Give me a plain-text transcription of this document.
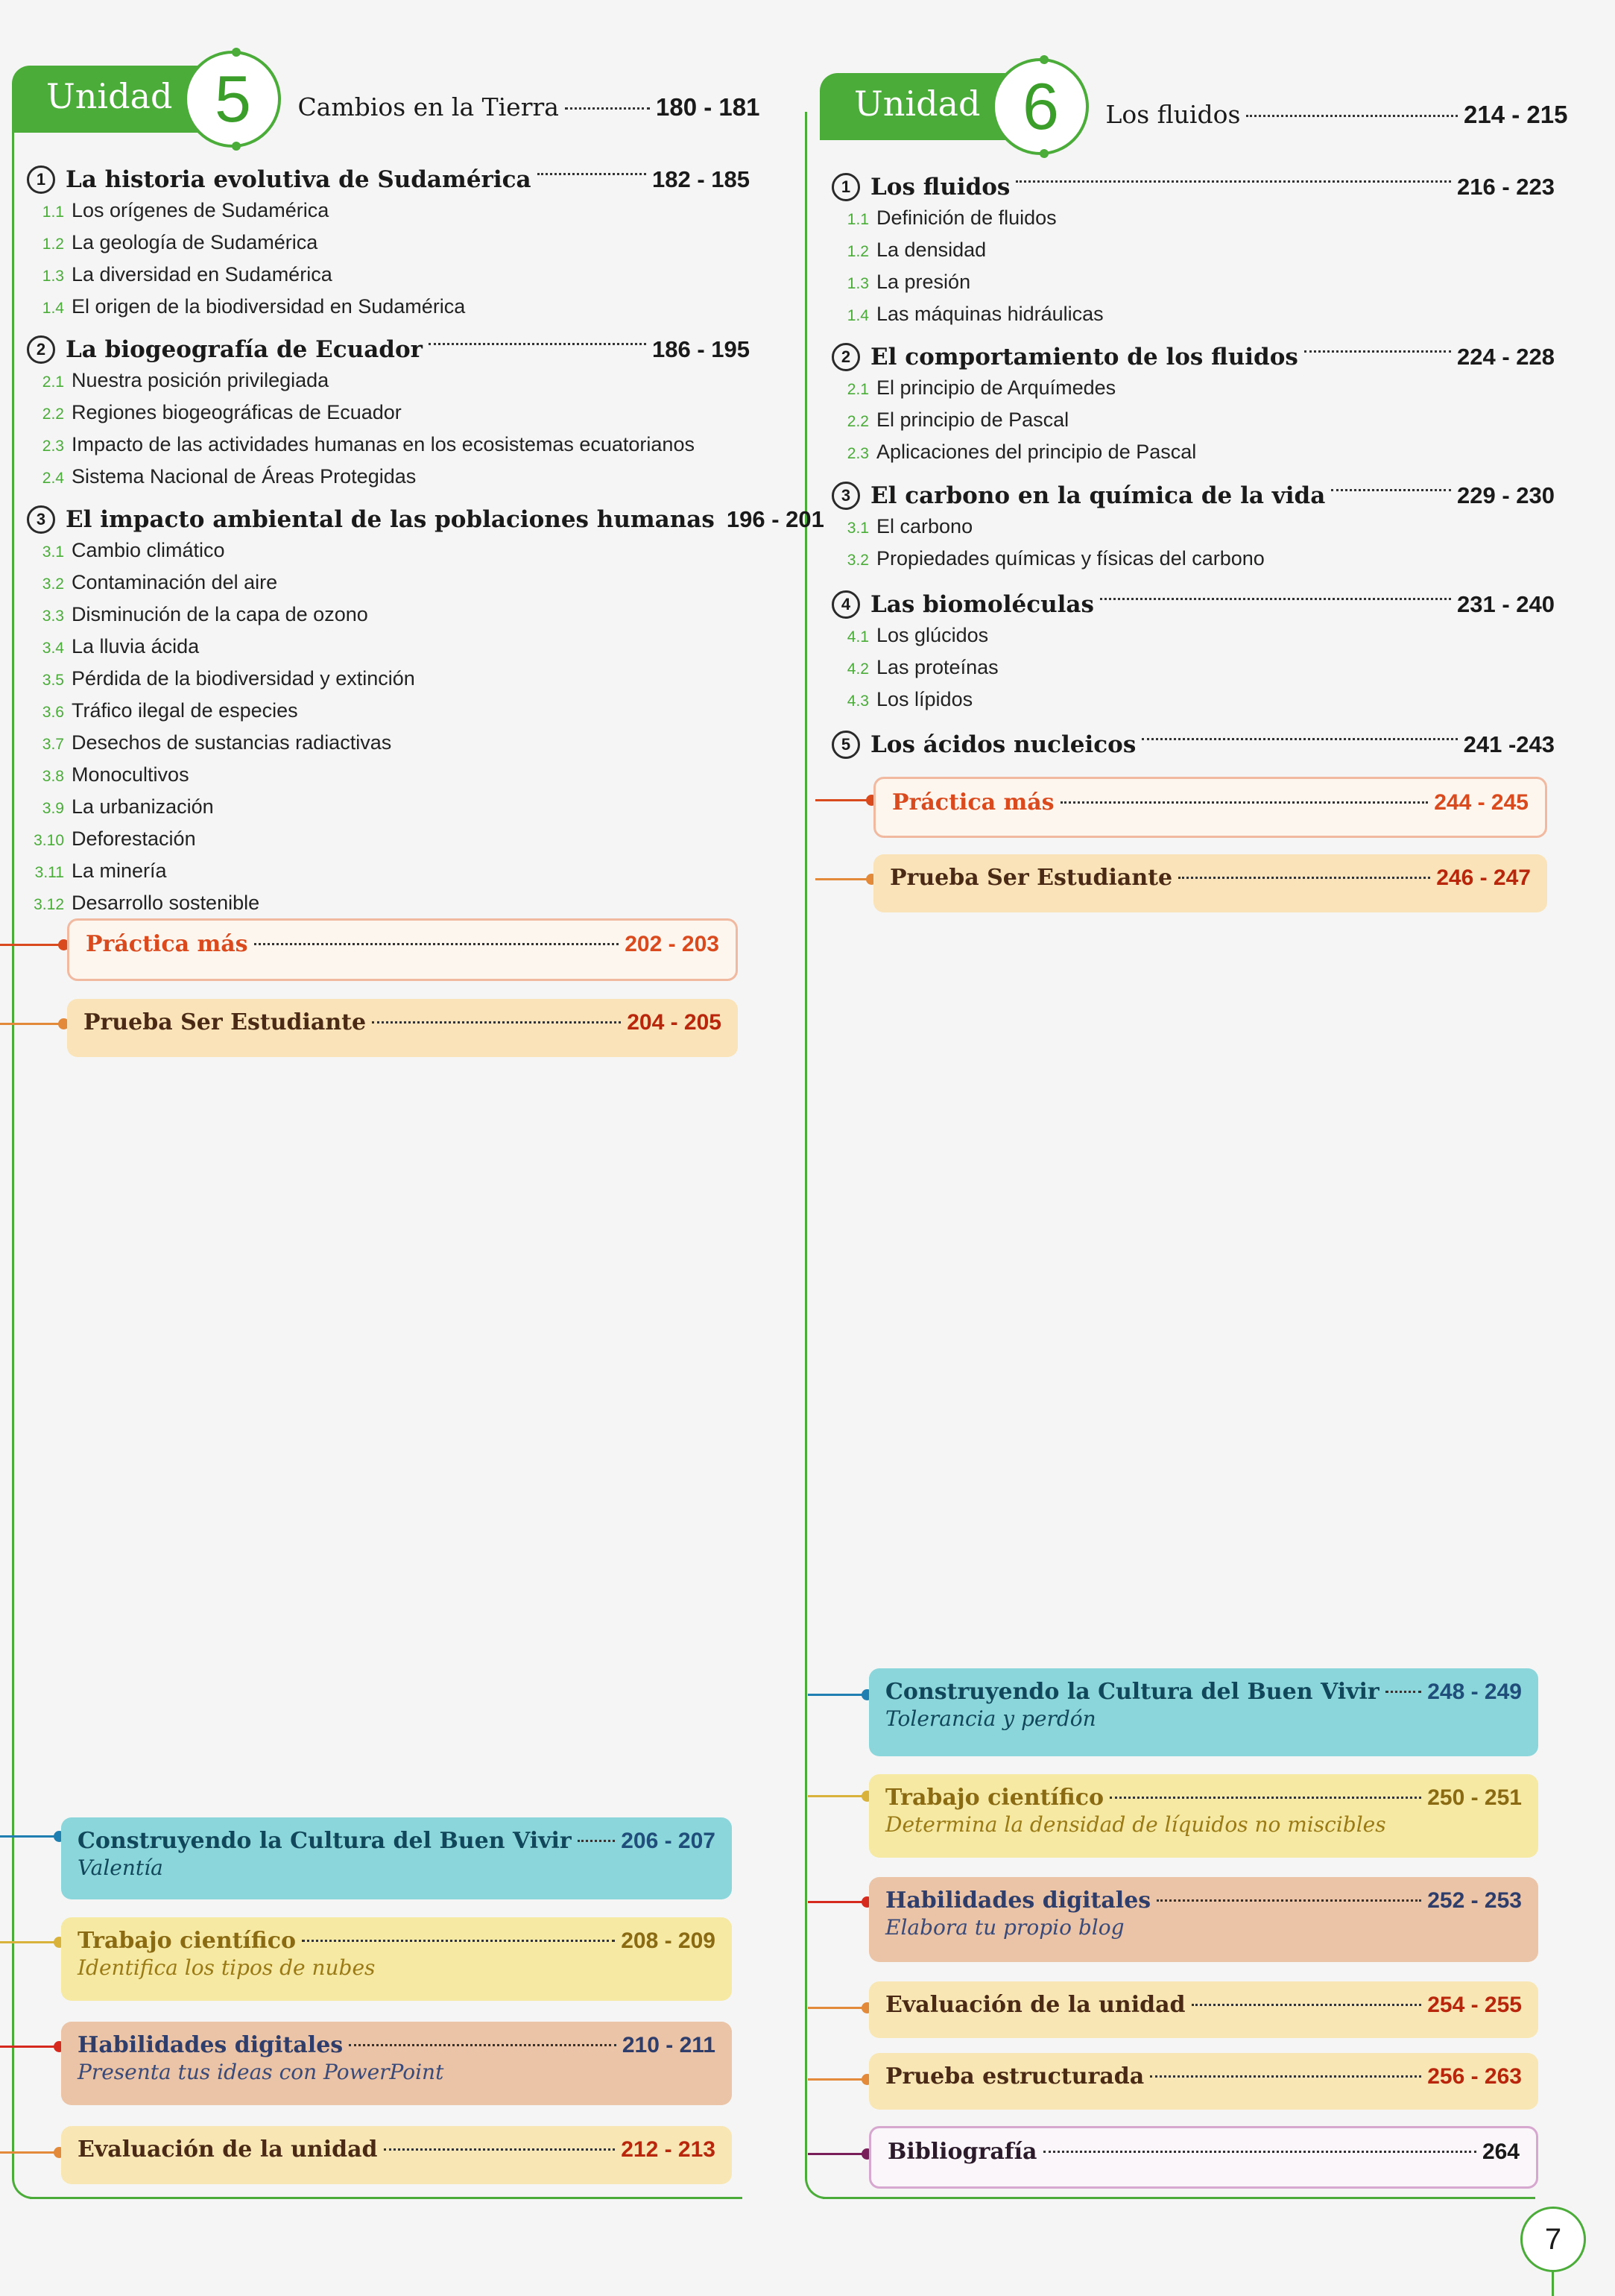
Unidad 5	Cambios en la Tierra	180 - 181
1 La historia evolutiva de Sudamérica	182 - 185
1.1 Los orígenes de Sudamérica
1.2 La geología de Sudamérica
1.3 La diversidad en Sudamérica
1.4 El origen de la biodiversidad en Sudamérica
2 La biogeografía de Ecuador	186 - 195
2.1 Nuestra posición privilegiada
2.2 Regiones biogeográficas de Ecuador
2.3 Impacto de las actividades humanas en los ecosistemas ecuatorianos
2.4 Sistema Nacional de Áreas Protegidas
3 El impacto ambiental de las poblaciones humanas 196 - 201
3.1 Cambio climático
3.2 Contaminación del aire
3.3 Disminución de la capa de ozono
3.4 La lluvia ácida
3.5 Pérdida de la biodiversidad y extinción
3.6 Tráfico ilegal de especies
3.7 Desechos de sustancias radiactivas
3.8 Monocultivos
3.9 La urbanización
3.10 Deforestación
3.11 La minería
3.12 Desarrollo sostenible
Práctica más	202 - 203
Prueba Ser Estudiante	204 - 205
Construyendo la Cultura del Buen Vivir 206 - 207
Valentía
Trabajo científico	208 - 209
Identifica los tipos de nubes
Habilidades digitales	210 - 211
Presenta tus ideas con PowerPoint
Evaluación de la unidad	212 - 213
Unidad 6	Los fluidos	214 - 215
1 Los fluidos	216 - 223
1.1 Definición de fluidos
1.2 La densidad
1.3 La presión
1.4 Las máquinas hidráulicas
2 El comportamiento de los fluidos	224 - 228
2.1 El principio de Arquímedes
2.2 El principio de Pascal
2.3 Aplicaciones del principio de Pascal
3 El carbono en la química de la vida	229 - 230
3.1 El carbono
3.2 Propiedades químicas y físicas del carbono
4 Las biomoléculas	231 - 240
4.1 Los glúcidos
4.2 Las proteínas
4.3 Los lípidos
5 Los ácidos nucleicos	241 -243
Práctica más	244 - 245
Prueba Ser Estudiante	246 - 247
Construyendo la Cultura del Buen Vivir 248 - 249
Tolerancia y perdón
Trabajo científico	250 - 251
Determina la densidad de líquidos no miscibles
Habilidades digitales	252 - 253
Elabora tu propio blog
Evaluación de la unidad	254 - 255
Prueba estructurada	256 - 263
Bibliografía	264
7
